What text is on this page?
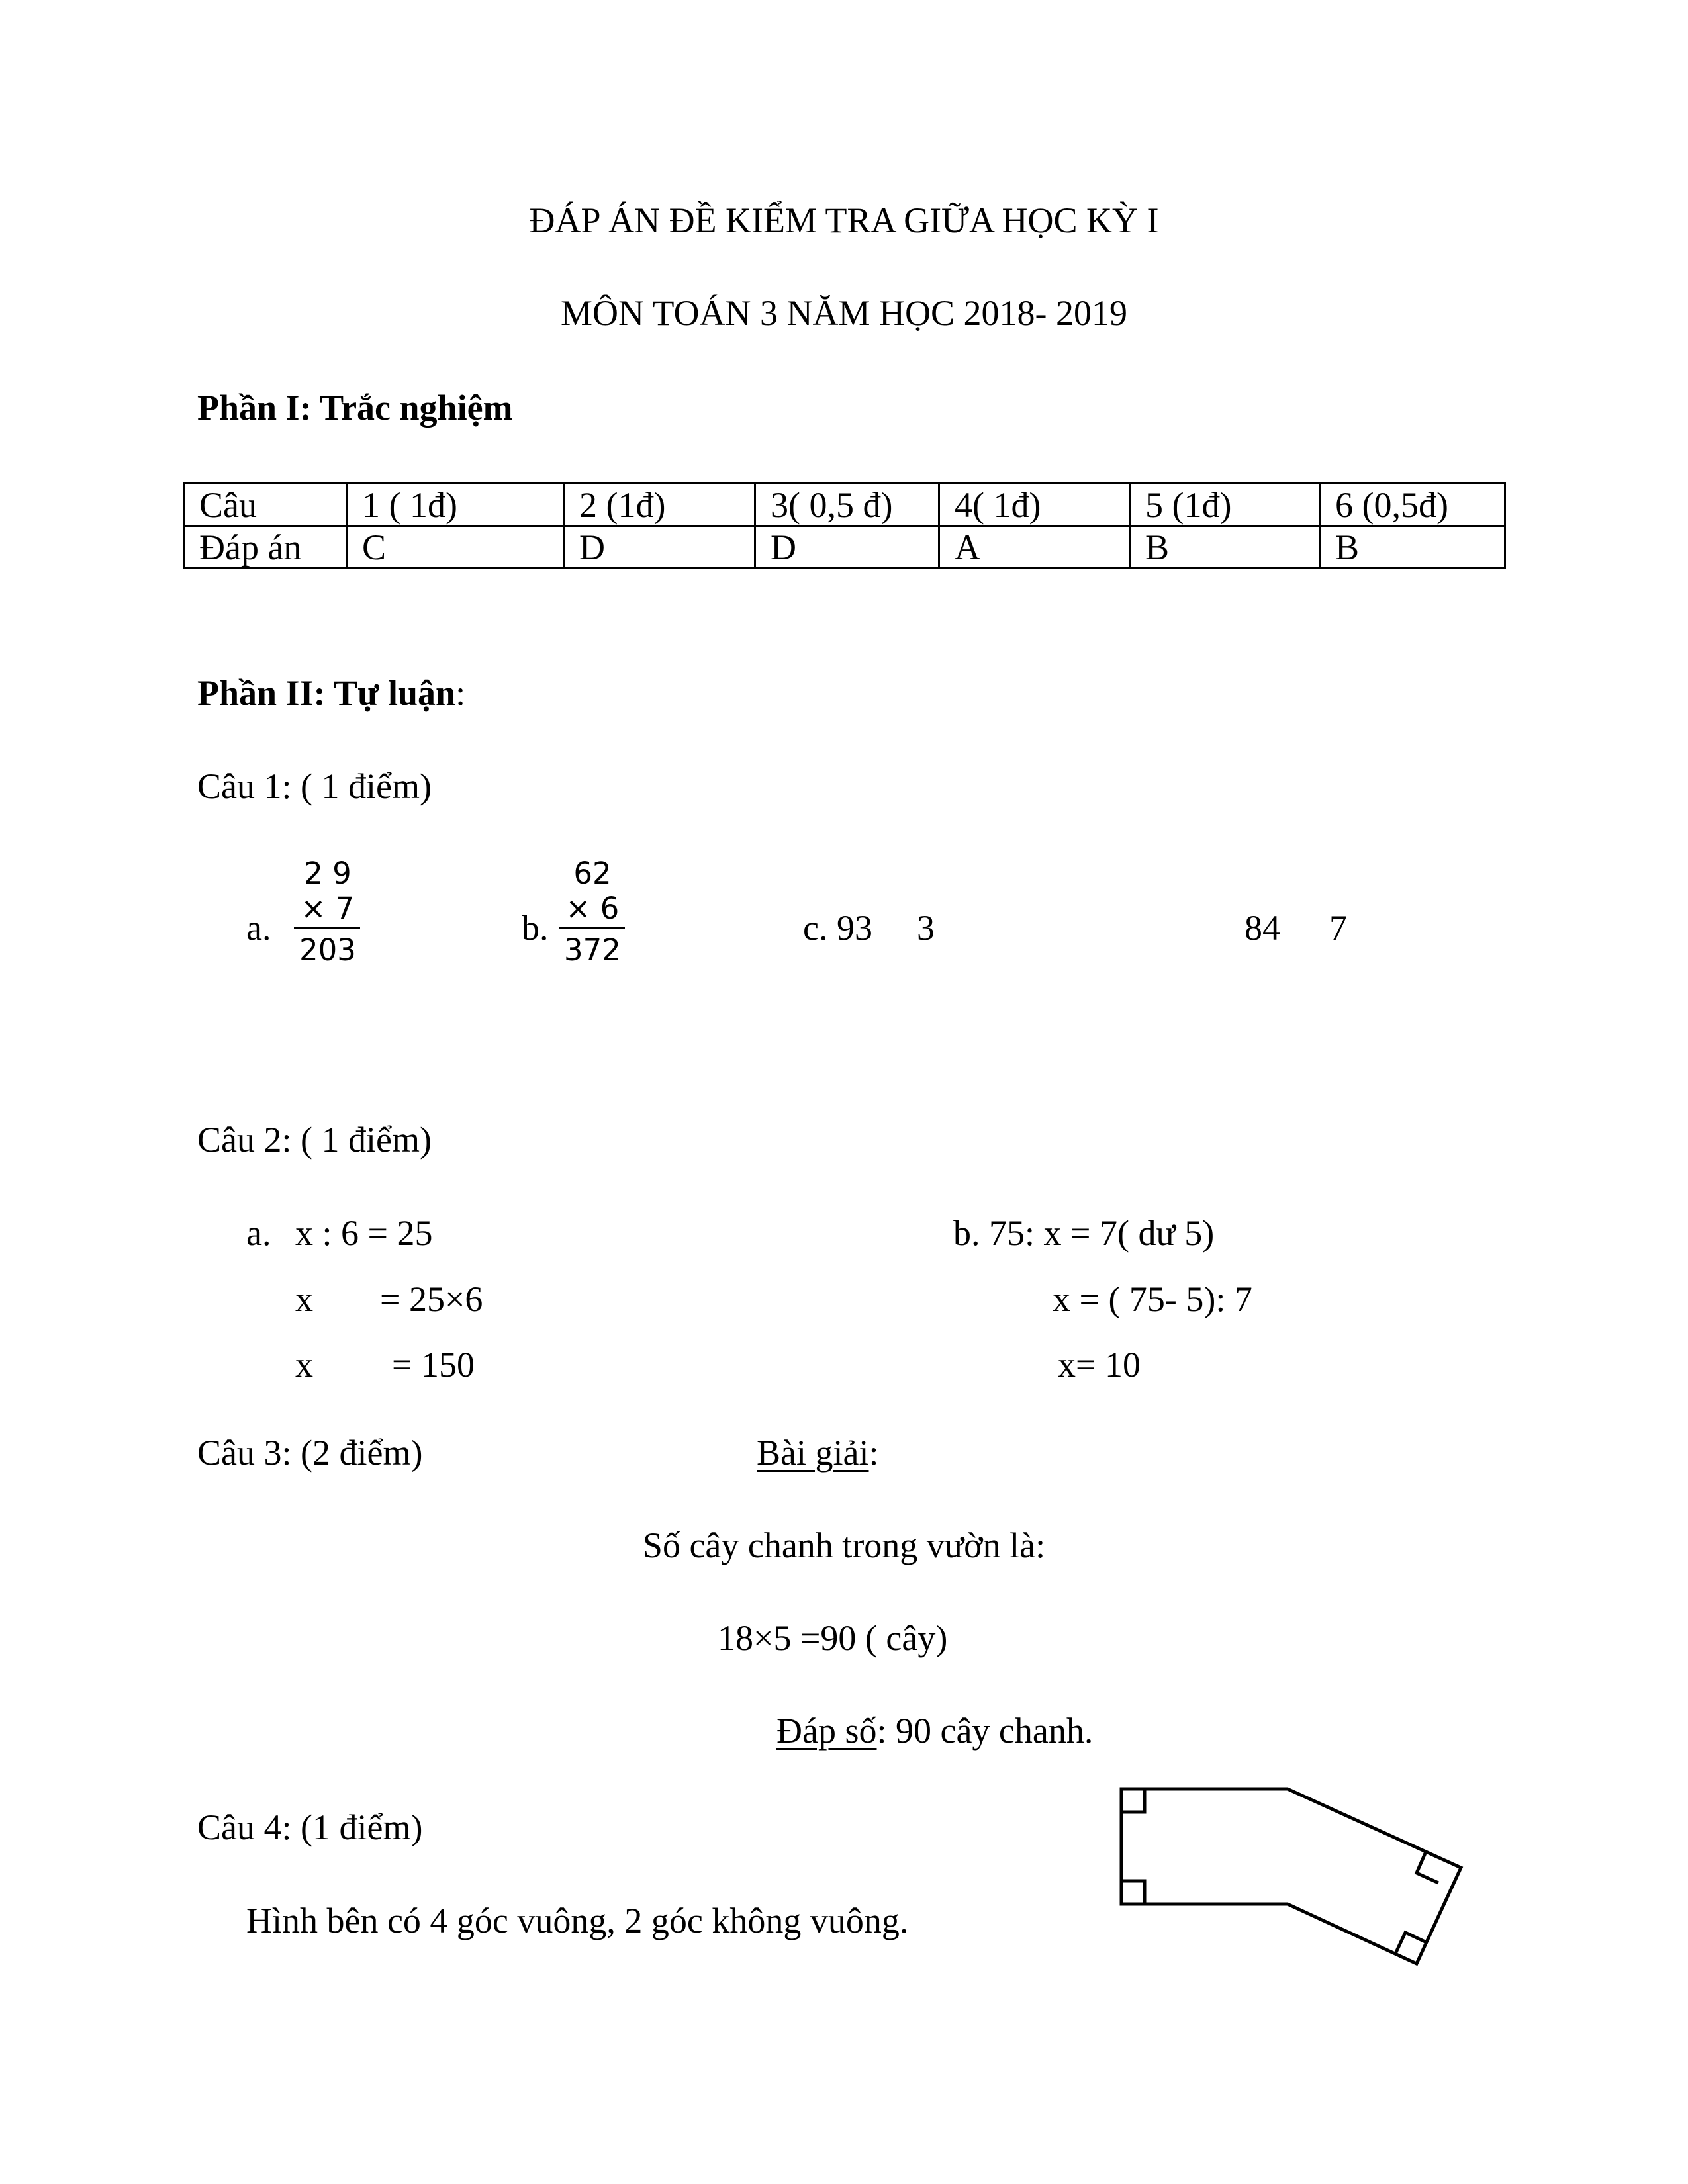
ĐÁP ÁN ĐỀ KIỂM TRA GIỮA HỌC KỲ I
MÔN TOÁN 3 NĂM HỌC 2018- 2019
Phần I: Trắc nghiệm
Câu	1 ( 1đ)	2 (1đ)	3( 0,5 đ)	4( 1đ)	5 (1đ)	6 (0,5đ)
Đáp án	C	D	D	A	B	B
Phần II: Tự luận:
Câu 1: ( 1 điểm)
a.
2 9
× 7
203
b.
62
× 6
372
c. 93 3	84 7
Câu 2: ( 1 điểm)
a. x : 6 = 25
x = 25×6
x = 150
b. 75: x = 7( dư 5)
x = ( 75- 5): 7
x= 10
Câu 3: (2 điểm)	Bài giải:
Số cây chanh trong vườn là:
18×5 =90 ( cây)
Đáp số: 90 cây chanh.
Câu 4: (1 điểm)
Hình bên có 4 góc vuông, 2 góc không vuông.
